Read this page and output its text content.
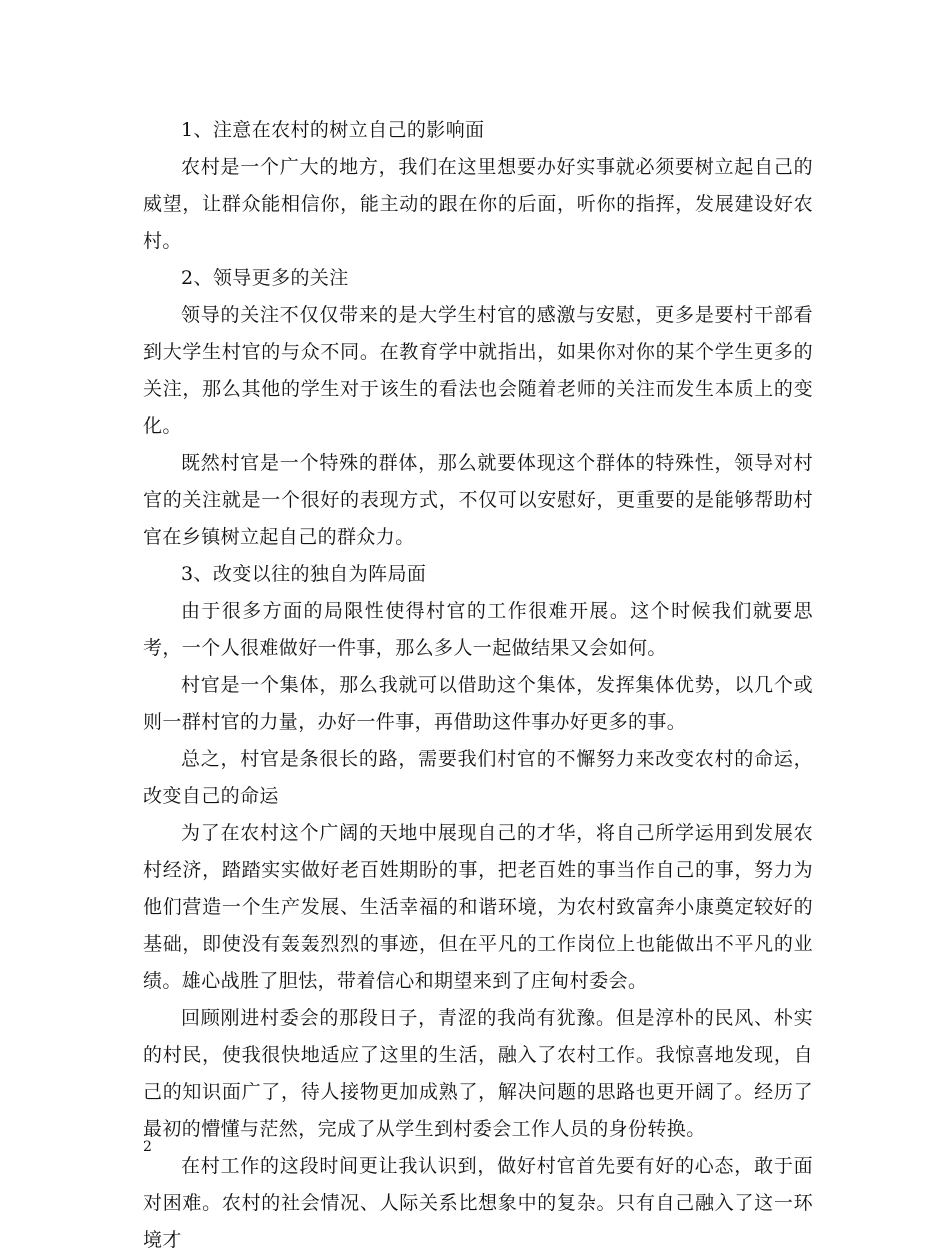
1、注意在农村的树立自己的影响面

农村是一个广大的地方，我们在这里想要办好实事就必须要树立起自己的威望，让群众能相信你，能主动的跟在你的后面，听你的指挥，发展建设好农村。

2、领导更多的关注

领导的关注不仅仅带来的是大学生村官的感激与安慰，更多是要村干部看到大学生村官的与众不同。在教育学中就指出，如果你对你的某个学生更多的关注，那么其他的学生对于该生的看法也会随着老师的关注而发生本质上的变化。

既然村官是一个特殊的群体，那么就要体现这个群体的特殊性，领导对村官的关注就是一个很好的表现方式，不仅可以安慰好，更重要的是能够帮助村官在乡镇树立起自己的群众力。

3、改变以往的独自为阵局面

由于很多方面的局限性使得村官的工作很难开展。这个时候我们就要思考，一个人很难做好一件事，那么多人一起做结果又会如何。

村官是一个集体，那么我就可以借助这个集体，发挥集体优势，以几个或则一群村官的力量，办好一件事，再借助这件事办好更多的事。

总之，村官是条很长的路，需要我们村官的不懈努力来改变农村的命运，改变自己的命运

为了在农村这个广阔的天地中展现自己的才华，将自己所学运用到发展农村经济，踏踏实实做好老百姓期盼的事，把老百姓的事当作自己的事，努力为他们营造一个生产发展、生活幸福的和谐环境，为农村致富奔小康奠定较好的基础，即使没有轰轰烈烈的事迹，但在平凡的工作岗位上也能做出不平凡的业绩。雄心战胜了胆怯，带着信心和期望来到了庄甸村委会。

回顾刚进村委会的那段日子，青涩的我尚有犹豫。但是淳朴的民风、朴实的村民，使我很快地适应了这里的生活，融入了农村工作。我惊喜地发现，自己的知识面广了，待人接物更加成熟了，解决问题的思路也更开阔了。经历了最初的懵懂与茫然，完成了从学生到村委会工作人员的身份转换。

在村工作的这段时间更让我认识到，做好村官首先要有好的心态，敢于面对困难。农村的社会情况、人际关系比想象中的复杂。只有自己融入了这一环境才

2
